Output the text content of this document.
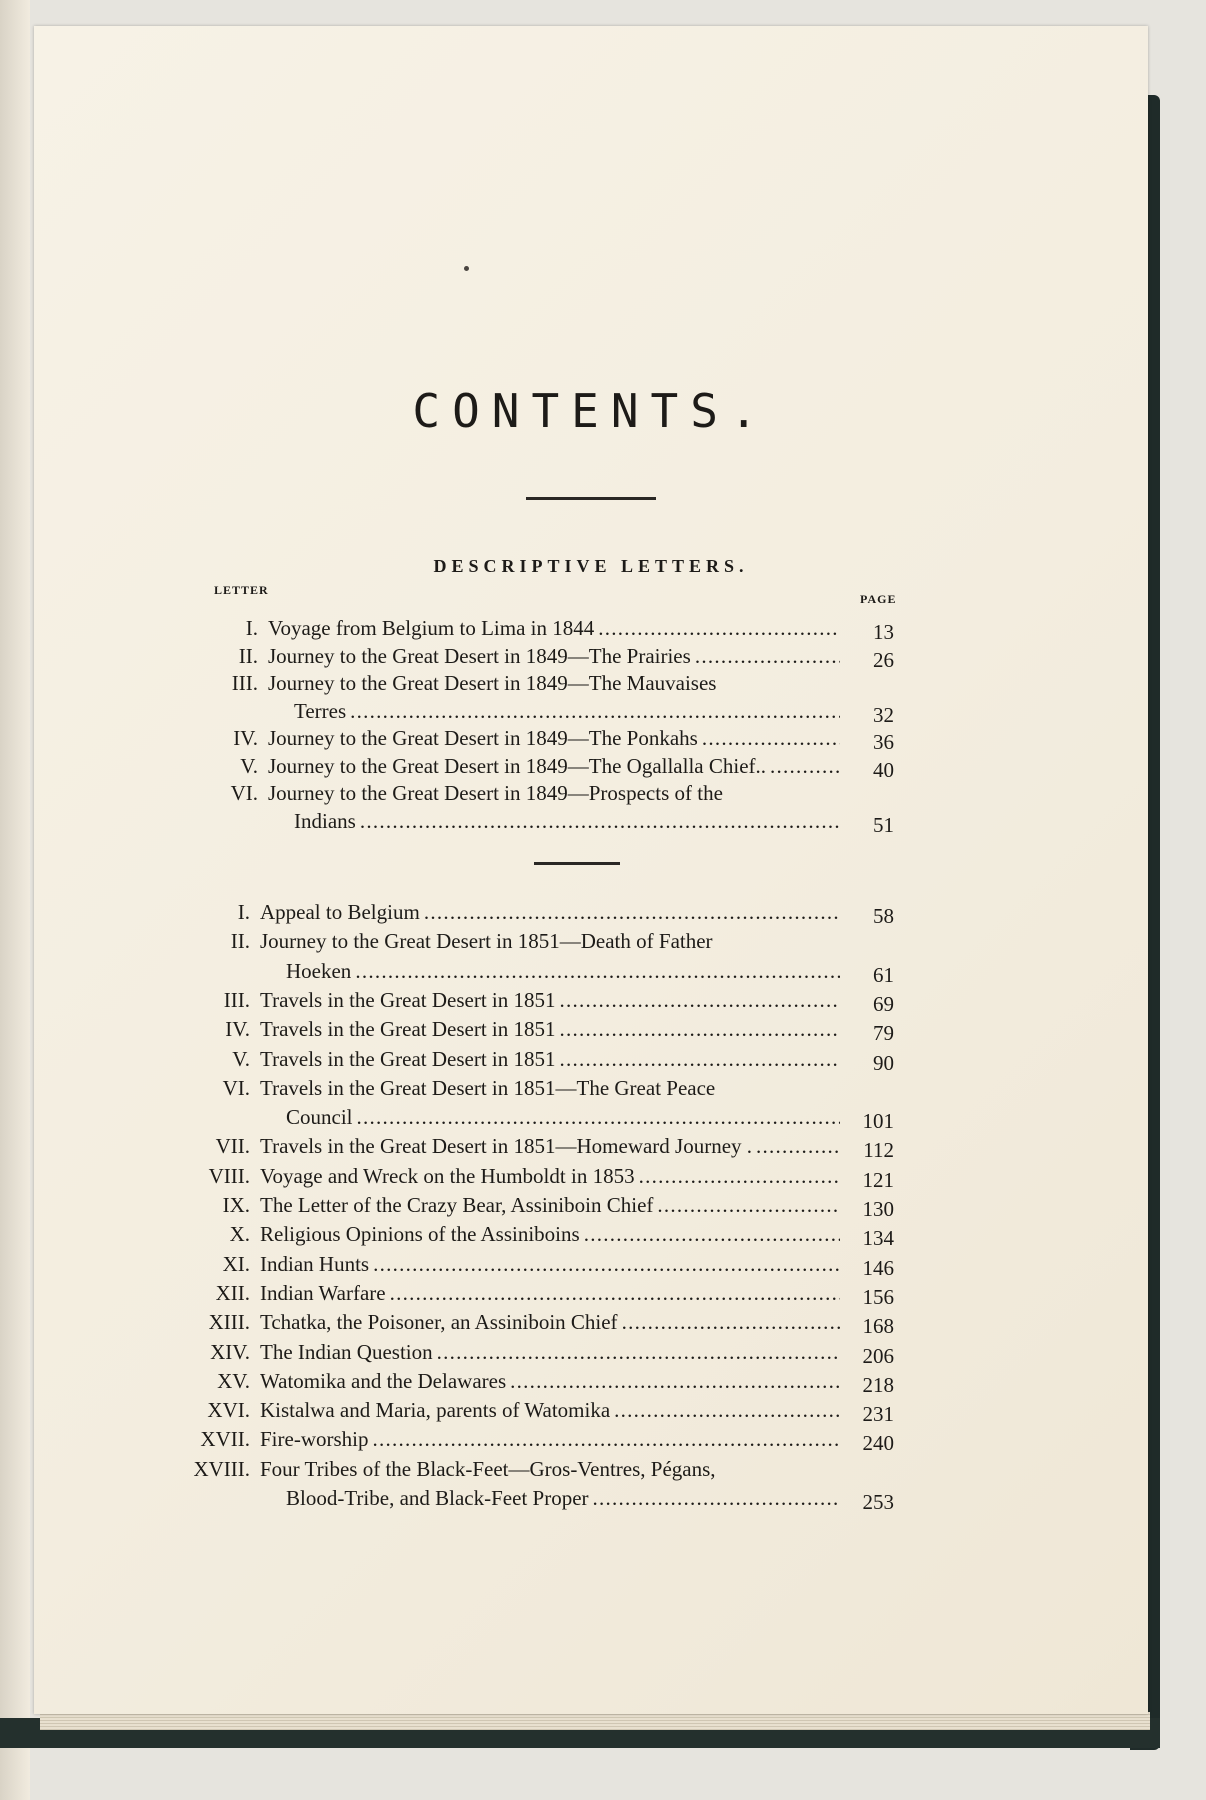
CONTENTS.
DESCRIPTIVE LETTERS.
LETTER
PAGE
I. Voyage from Belgium to Lima in 1844 . . .	13
II. Journey to the Great Desert in 1849—The Prairies . . .	26
III. Journey to the Great Desert in 1849—The Mauvaises
Terres . . .	32
IV. Journey to the Great Desert in 1849—The Ponkahs . . .	36
V. Journey to the Great Desert in 1849—The Ogallalla Chief.. . . .	40
VI. Journey to the Great Desert in 1849—Prospects of the
Indians . . .	51
I. Appeal to Belgium . . .	58
II. Journey to the Great Desert in 1851—Death of Father
Hoeken . . .	61
III. Travels in the Great Desert in 1851 . . .	69
IV. Travels in the Great Desert in 1851 . . .	79
V. Travels in the Great Desert in 1851 . . .	90
VI. Travels in the Great Desert in 1851—The Great Peace
Council . . .	101
VII. Travels in the Great Desert in 1851—Homeward Journey . . . .	112
VIII. Voyage and Wreck on the Humboldt in 1853 . . .	121
IX. The Letter of the Crazy Bear, Assiniboin Chief . . .	130
X. Religious Opinions of the Assiniboins . . .	134
XI. Indian Hunts . . .	146
XII. Indian Warfare . . .	156
XIII. Tchatka, the Poisoner, an Assiniboin Chief . . .	168
XIV. The Indian Question . . .	206
XV. Watomika and the Delawares . . .	218
XVI. Kistalwa and Maria, parents of Watomika . . .	231
XVII. Fire-worship . . .	240
XVIII. Four Tribes of the Black-Feet—Gros-Ventres, Pégans,
Blood-Tribe, and Black-Feet Proper . . .	253
